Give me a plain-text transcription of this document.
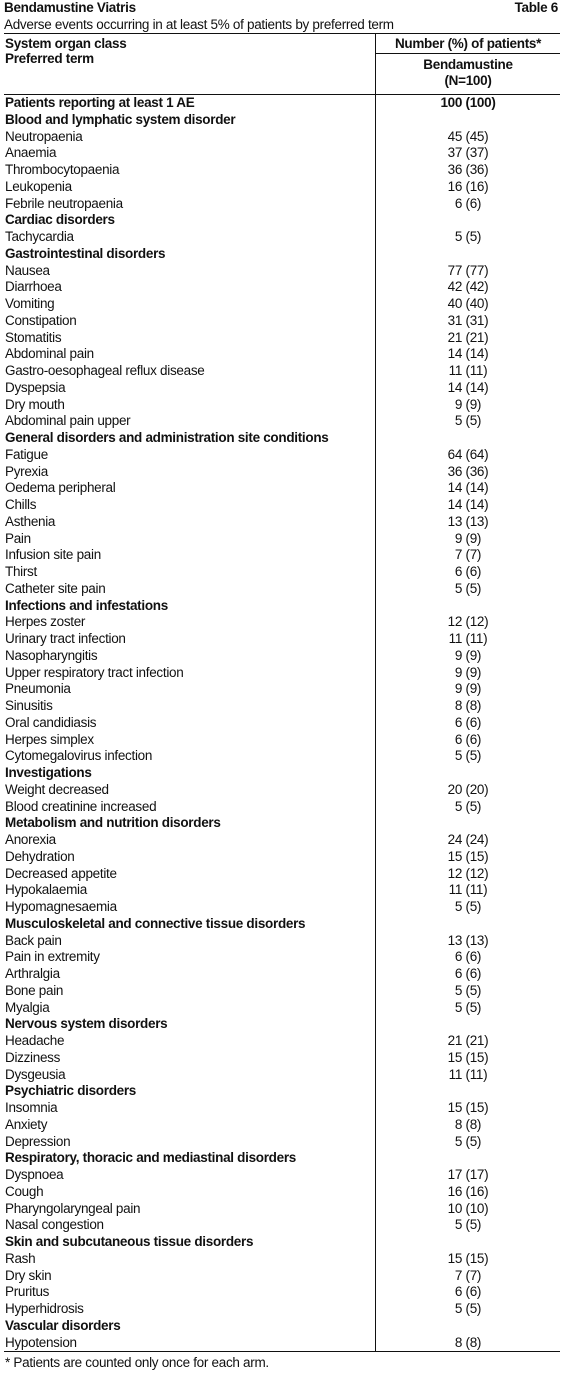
Bendamustine Viatris	Table 6
Adverse events occurring in at least 5% of patients by preferred term
System organ class
Preferred term
Number (%) of patients*
Bendamustine
(N=100)
Patients reporting at least 1 AE	100 (100)
Blood and lymphatic system disorder
Neutropaenia	45 (45)
Anaemia	37 (37)
Thrombocytopaenia	36 (36)
Leukopenia	16 (16)
Febrile neutropaenia	6 (6)
Cardiac disorders
Tachycardia	5 (5)
Gastrointestinal disorders
Nausea	77 (77)
Diarrhoea	42 (42)
Vomiting	40 (40)
Constipation	31 (31)
Stomatitis	21 (21)
Abdominal pain	14 (14)
Gastro-oesophageal reflux disease	11 (11)
Dyspepsia	14 (14)
Dry mouth	9 (9)
Abdominal pain upper	5 (5)
General disorders and administration site conditions
Fatigue	64 (64)
Pyrexia	36 (36)
Oedema peripheral	14 (14)
Chills	14 (14)
Asthenia	13 (13)
Pain	9 (9)
Infusion site pain	7 (7)
Thirst	6 (6)
Catheter site pain	5 (5)
Infections and infestations
Herpes zoster	12 (12)
Urinary tract infection	11 (11)
Nasopharyngitis	9 (9)
Upper respiratory tract infection	9 (9)
Pneumonia	9 (9)
Sinusitis	8 (8)
Oral candidiasis	6 (6)
Herpes simplex	6 (6)
Cytomegalovirus infection	5 (5)
Investigations
Weight decreased	20 (20)
Blood creatinine increased	5 (5)
Metabolism and nutrition disorders
Anorexia	24 (24)
Dehydration	15 (15)
Decreased appetite	12 (12)
Hypokalaemia	11 (11)
Hypomagnesaemia	5 (5)
Musculoskeletal and connective tissue disorders
Back pain	13 (13)
Pain in extremity	6 (6)
Arthralgia	6 (6)
Bone pain	5 (5)
Myalgia	5 (5)
Nervous system disorders
Headache	21 (21)
Dizziness	15 (15)
Dysgeusia	11 (11)
Psychiatric disorders
Insomnia	15 (15)
Anxiety	8 (8)
Depression	5 (5)
Respiratory, thoracic and mediastinal disorders
Dyspnoea	17 (17)
Cough	16 (16)
Pharyngolaryngeal pain	10 (10)
Nasal congestion	5 (5)
Skin and subcutaneous tissue disorders
Rash	15 (15)
Dry skin	7 (7)
Pruritus	6 (6)
Hyperhidrosis	5 (5)
Vascular disorders
Hypotension	8 (8)
* Patients are counted only once for each arm.
